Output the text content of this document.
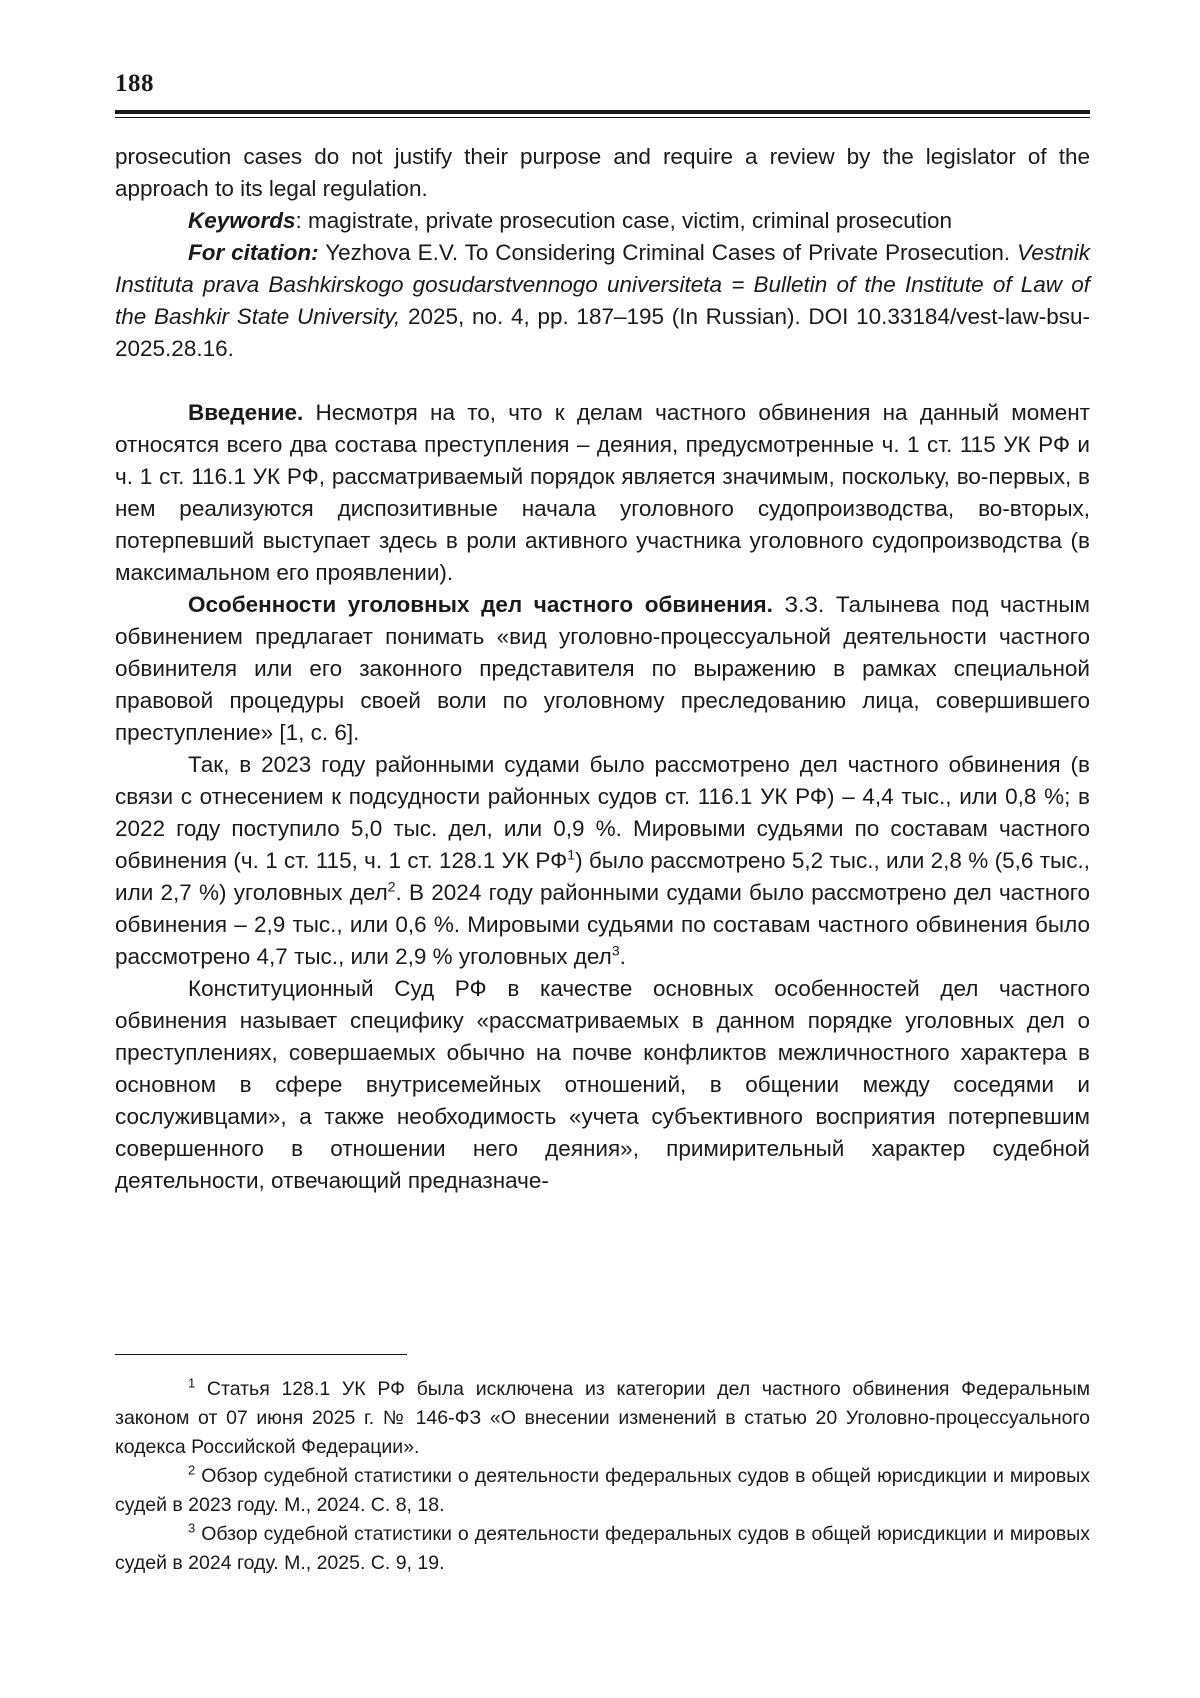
188

prosecution cases do not justify their purpose and require a review by the legislator of the approach to its legal regulation.

Keywords: magistrate, private prosecution case, victim, criminal prosecution

For citation: Yezhova E.V. To Considering Criminal Cases of Private Prosecution. Vestnik Instituta prava Bashkirskogo gosudarstvennogo universiteta = Bulletin of the Institute of Law of the Bashkir State University, 2025, no. 4, pp. 187–195 (In Russian). DOI 10.33184/vest-law-bsu-2025.28.16.

Введение. Несмотря на то, что к делам частного обвинения на данный момент относятся всего два состава преступления – деяния, предусмотренные ч. 1 ст. 115 УК РФ и ч. 1 ст. 116.1 УК РФ, рассматриваемый порядок является значимым, поскольку, во-первых, в нем реализуются диспозитивные начала уголовного судопроизводства, во-вторых, потерпевший выступает здесь в роли активного участника уголовного судопроизводства (в максимальном его проявлении).

Особенности уголовных дел частного обвинения. З.З. Талынева под частным обвинением предлагает понимать «вид уголовно-процессуальной деятельности частного обвинителя или его законного представителя по выражению в рамках специальной правовой процедуры своей воли по уголовному преследованию лица, совершившего преступление» [1, с. 6].

Так, в 2023 году районными судами было рассмотрено дел частного обвинения (в связи с отнесением к подсудности районных судов ст. 116.1 УК РФ) – 4,4 тыс., или 0,8 %; в 2022 году поступило 5,0 тыс. дел, или 0,9 %. Мировыми судьями по составам частного обвинения (ч. 1 ст. 115, ч. 1 ст. 128.1 УК $РФ^1$) было рассмотрено 5,2 тыс., или 2,8 % (5,6 тыс., или 2,7 %) уголовных дел$^2$. В 2024 году районными судами было рассмотрено дел частного обвинения – 2,9 тыс., или 0,6 %. Мировыми судьями по составам частного обвинения было рассмотрено 4,7 тыс., или 2,9 % уголовных дел$^3$.

Конституционный Суд РФ в качестве основных особенностей дел частного обвинения называет специфику «рассматриваемых в данном порядке уголовных дел о преступлениях, совершаемых обычно на почве конфликтов межличностного характера в основном в сфере внутрисемейных отношений, в общении между соседями и сослуживцами», а также необходимость «учета субъективного восприятия потерпевшим совершенного в отношении него деяния», примирительный характер судебной деятельности, отвечающий предназначе-

$^1$ Статья 128.1 УК РФ была исключена из категории дел частного обвинения Федеральным законом от 07 июня 2025 г. № 146-ФЗ «О внесении изменений в статью 20 Уголовно-процессуального кодекса Российской Федерации».

$^2$ Обзор судебной статистики о деятельности федеральных судов в общей юрисдикции и мировых судей в 2023 году. М., 2024. С. 8, 18.

$^3$ Обзор судебной статистики о деятельности федеральных судов в общей юрисдикции и мировых судей в 2024 году. М., 2025. С. 9, 19.
